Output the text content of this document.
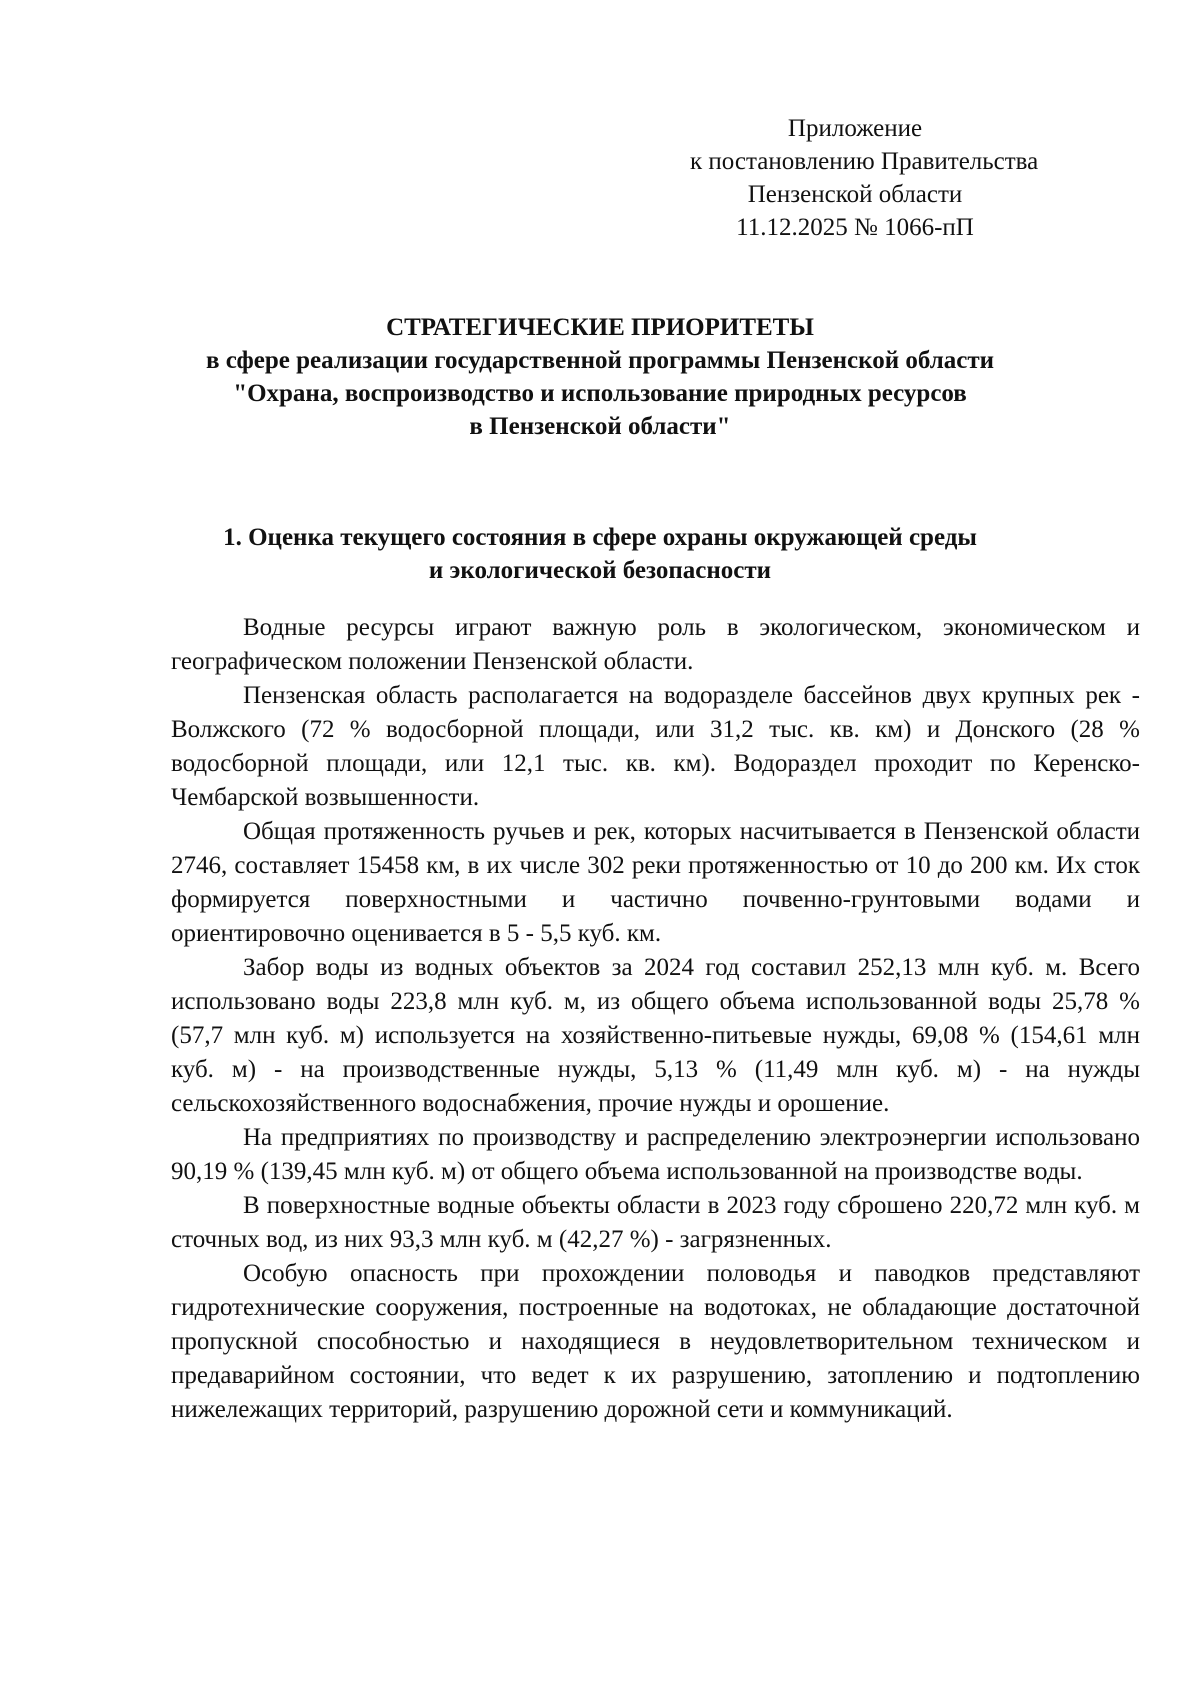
Приложение
к постановлению Правительства
Пензенской области
11.12.2025 № 1066-пП
СТРАТЕГИЧЕСКИЕ ПРИОРИТЕТЫ
в сфере реализации государственной программы Пензенской области
"Охрана, воспроизводство и использование природных ресурсов
в Пензенской области"
1. Оценка текущего состояния в сфере охраны окружающей среды
и экологической безопасности

Водные ресурсы играют важную роль в экологическом, экономическом и географическом положении Пензенской области.

Пензенская область располагается на водоразделе бассейнов двух крупных рек - Волжского (72 % водосборной площади, или 31,2 тыс. кв. км) и Донского (28 % водосборной площади, или 12,1 тыс. кв. км). Водораздел проходит по Керенско-Чембарской возвышенности.

Общая протяженность ручьев и рек, которых насчитывается в Пензенской области 2746, составляет 15458 км, в их числе 302 реки протяженностью от 10 до 200 км. Их сток формируется поверхностными и частично почвенно-грунтовыми водами и ориентировочно оценивается в 5 - 5,5 куб. км.

Забор воды из водных объектов за 2024 год составил 252,13 млн куб. м. Всего использовано воды 223,8 млн куб. м, из общего объема использованной воды 25,78 % (57,7 млн куб. м) используется на хозяйственно-питьевые нужды, 69,08 % (154,61 млн куб. м) - на производственные нужды, 5,13 % (11,49 млн куб. м) - на нужды сельскохозяйственного водоснабжения, прочие нужды и орошение.

На предприятиях по производству и распределению электроэнергии использовано 90,19 % (139,45 млн куб. м) от общего объема использованной на производстве воды.

В поверхностные водные объекты области в 2023 году сброшено 220,72 млн куб. м сточных вод, из них 93,3 млн куб. м (42,27 %) - загрязненных.

Особую опасность при прохождении половодья и паводков представляют гидротехнические сооружения, построенные на водотоках, не обладающие достаточной пропускной способностью и находящиеся в неудовлетворительном техническом и предаварийном состоянии, что ведет к их разрушению, затоплению и подтоплению нижележащих территорий, разрушению дорожной сети и коммуникаций.
